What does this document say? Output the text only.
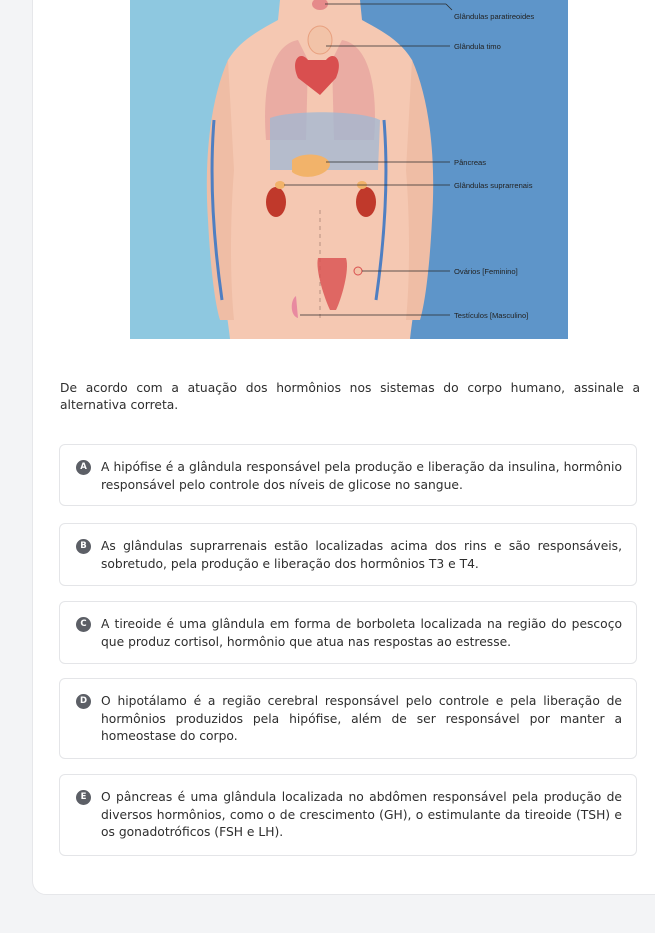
Glândulas paratireoides
Glândula timo
Pâncreas
Glândulas suprarrenais
Ovários [Feminino]
Testículos [Masculino]
De acordo com a atuação dos hormônios nos sistemas do corpo humano, assinale a alternativa correta.
A	A hipófise é a glândula responsável pela produção e liberação da insulina, hormônio responsável pelo controle dos níveis de glicose no sangue.
B	As glândulas suprarrenais estão localizadas acima dos rins e são responsáveis, sobretudo, pela produção e liberação dos hormônios T3 e T4.
C	A tireoide é uma glândula em forma de borboleta localizada na região do pescoço que produz cortisol, hormônio que atua nas respostas ao estresse.
D	O hipotálamo é a região cerebral responsável pelo controle e pela liberação de hormônios produzidos pela hipófise, além de ser responsável por manter a homeostase do corpo.
E	O pâncreas é uma glândula localizada no abdômen responsável pela produção de diversos hormônios, como o de crescimento (GH), o estimulante da tireoide (TSH) e os gonadotróficos (FSH e LH).
